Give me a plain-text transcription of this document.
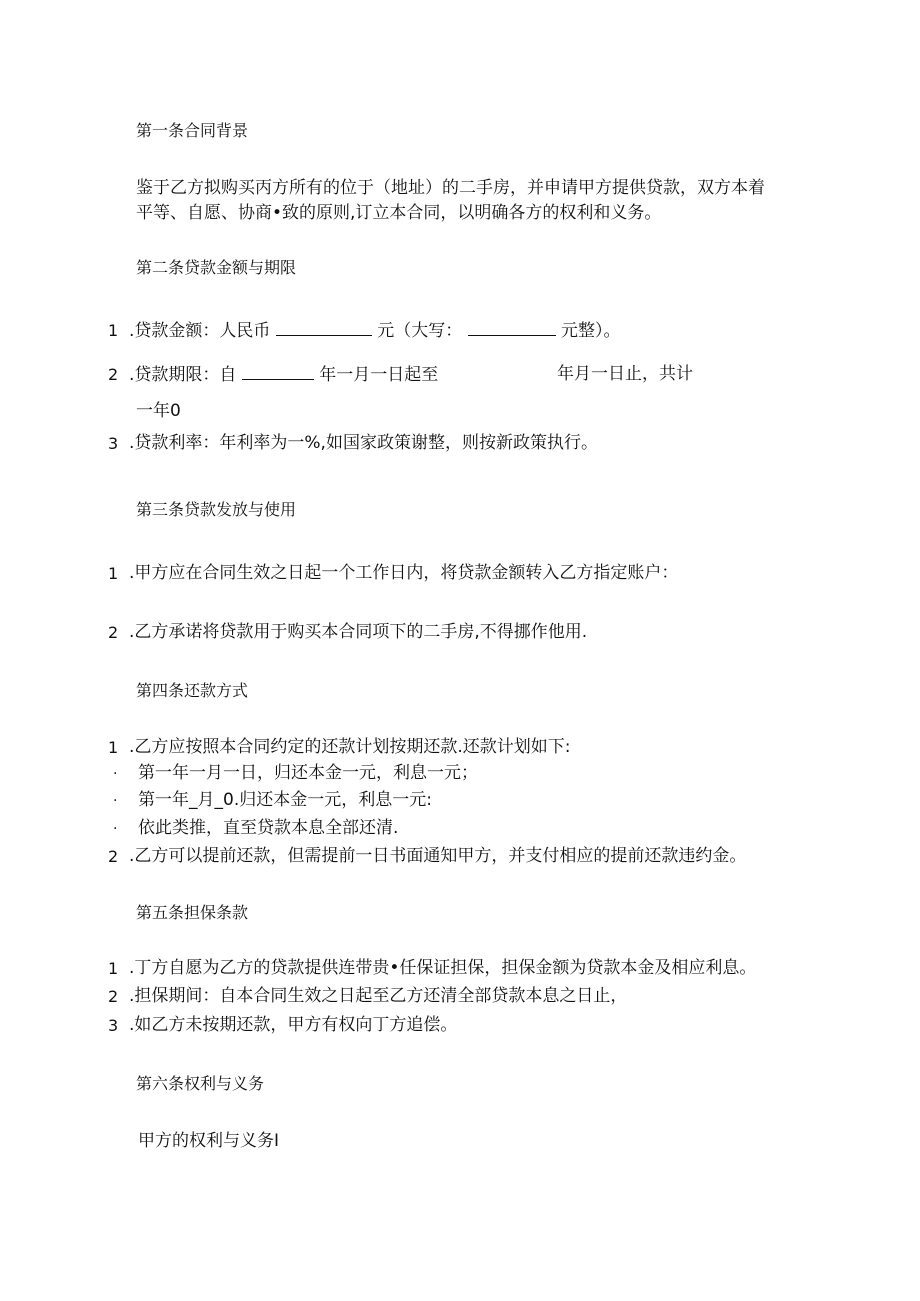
第一条合同背景
鉴于乙方拟购买丙方所有的位于（地址）的二手房，并申请甲方提供贷款，双方本着
平等、自愿、协商•致的原则,订立本合同，以明确各方的权利和义务。
第二条贷款金额与期限
1 .贷款金额：人民币	元（大写：	元整）。
2 .贷款期限：自	年一月一日起至	年月一日止，共计
一年0
3 .贷款利率：年利率为一%,如国家政策谢整，则按新政策执行。
第三条贷款发放与使用
1 .甲方应在合同生效之日起一个工作日内，将贷款金额转入乙方指定账户：
2 .乙方承诺将贷款用于购买本合同项下的二手房,不得挪作他用.
第四条还款方式
1 .乙方应按照本合同约定的还款计划按期还款.还款计划如下:
· 第一年一月一日，归还本金一元，利息一元；
· 第一年_月_0.归还本金一元，利息一元:
· 依此类推，直至贷款本息全部还清.
2 .乙方可以提前还款，但需提前一日书面通知甲方，并支付相应的提前还款违约金。
第五条担保条款
1 .丁方自愿为乙方的贷款提供连带贵•任保证担保，担保金额为贷款本金及相应利息。
2 .担保期间：自本合同生效之日起至乙方还清全部贷款本息之日止，
3 .如乙方未按期还款，甲方有权向丁方追偿。
第六条权利与义务
甲方的权利与义务I
